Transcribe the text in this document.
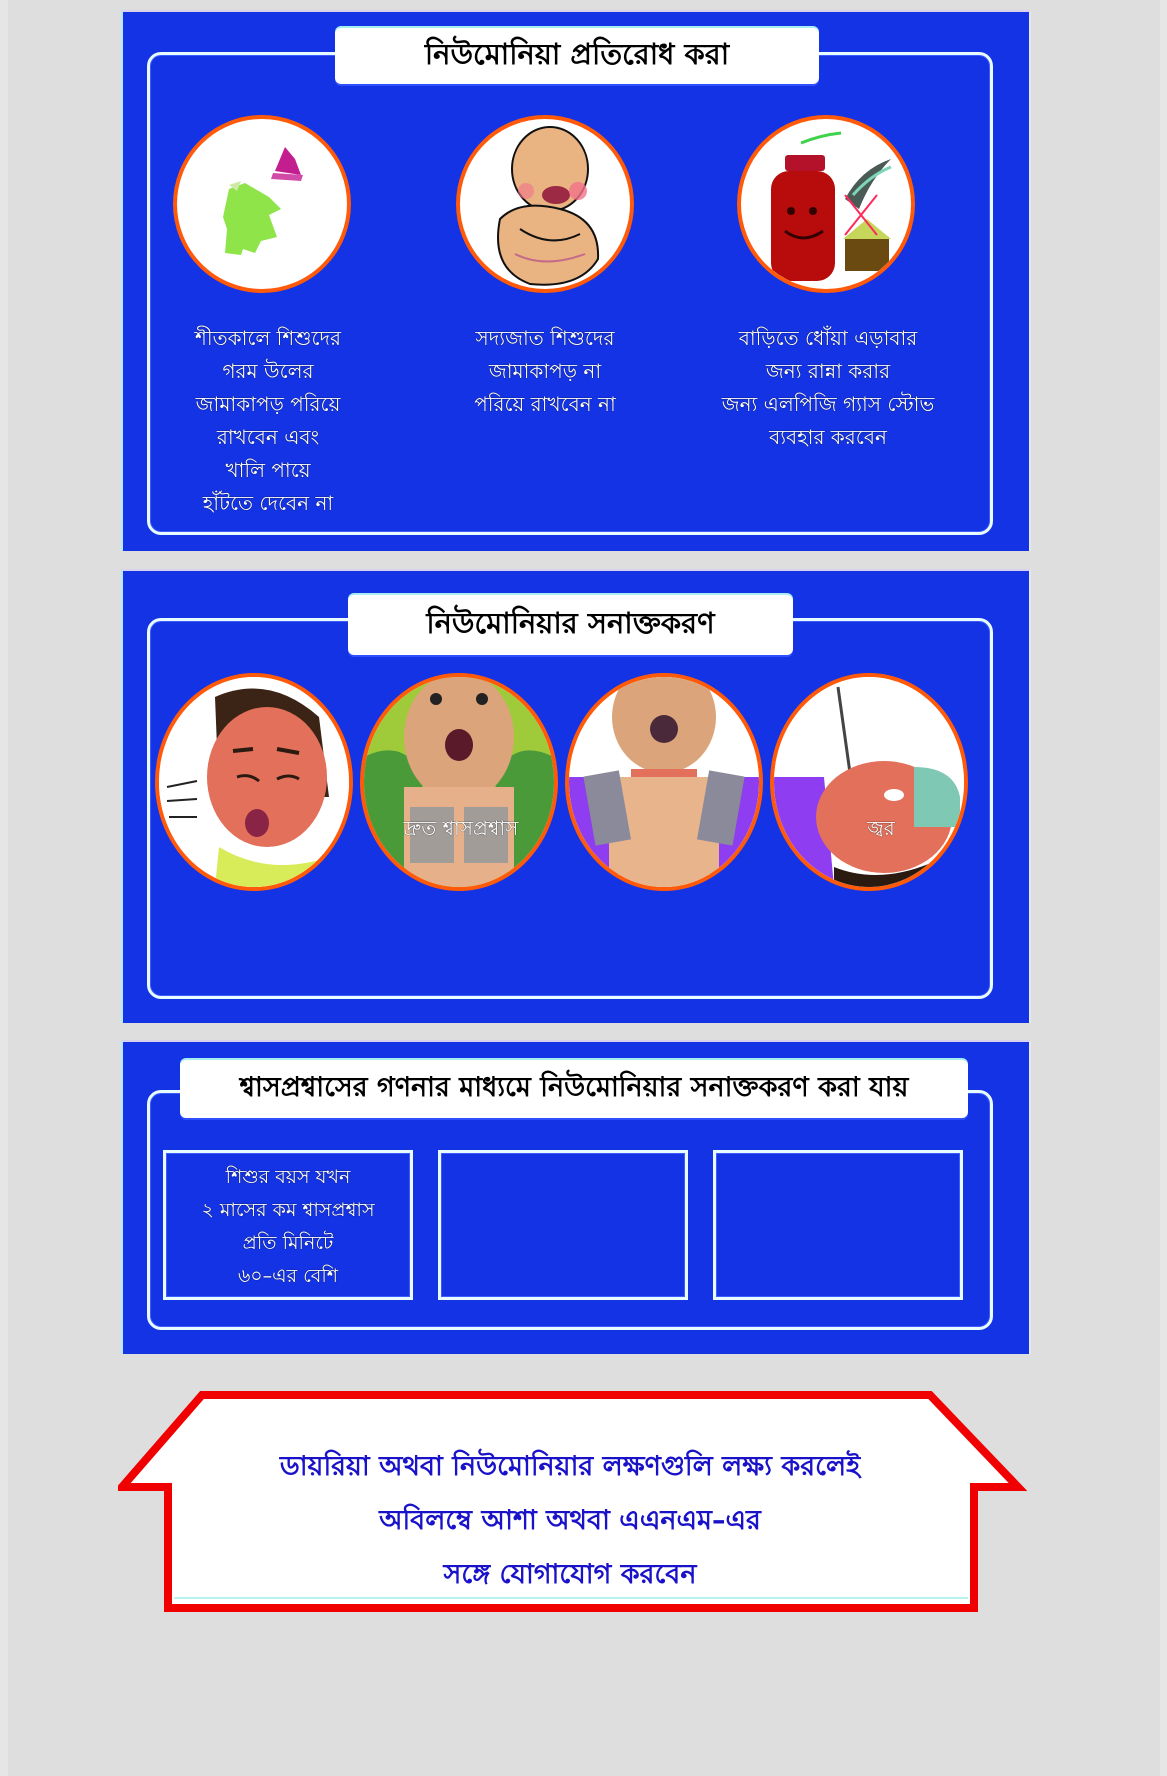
নিউমোনিয়া প্রতিরোধ করা
শীতকালে শিশুদের
গরম উলের
জামাকাপড় পরিয়ে
রাখবেন এবং
খালি পায়ে
হাঁটতে দেবেন না
সদ্যজাত শিশুদের
জামাকাপড় না
পরিয়ে রাখবেন না
বাড়িতে ধোঁয়া এড়াবার
জন্য রান্না করার
জন্য এলপিজি গ্যাস স্টোভ
ব্যবহার করবেন
নিউমোনিয়ার সনাক্তকরণ
দ্রুত শ্বাসপ্রশ্বাস	জ্বর
শ্বাসপ্রশ্বাসের গণনার মাধ্যমে নিউমোনিয়ার সনাক্তকরণ করা যায়
শিশুর বয়স যখন
২ মাসের কম শ্বাসপ্রশ্বাস
প্রতি মিনিটে
৬০–এর বেশি
ডায়রিয়া অথবা নিউমোনিয়ার লক্ষণগুলি লক্ষ্য করলেই
অবিলম্বে আশা অথবা এএনএম–এর
সঙ্গে যোগাযোগ করবেন
